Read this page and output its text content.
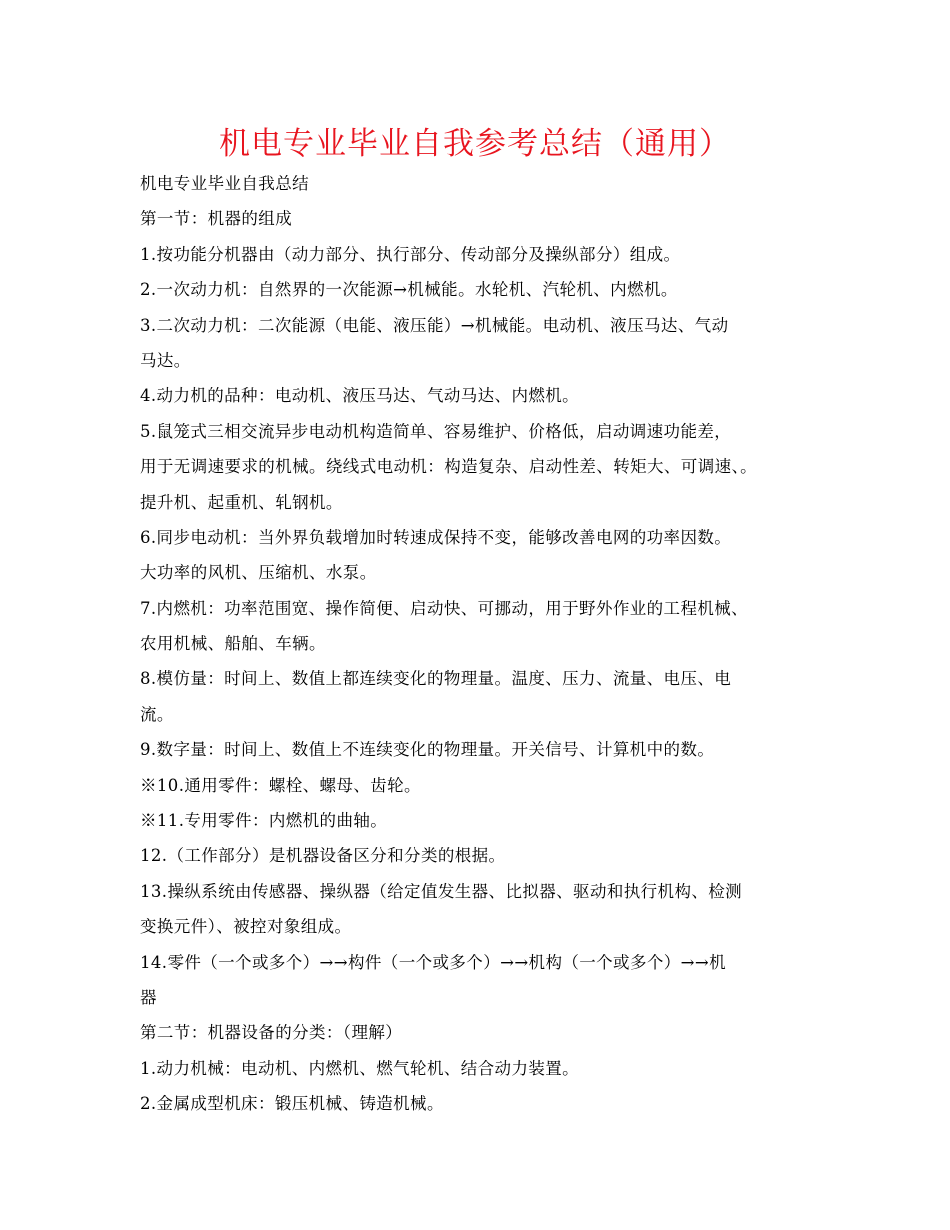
机电专业毕业自我参考总结（通用）
机电专业毕业自我总结
第一节：机器的组成
1.按功能分机器由（动力部分、执行部分、传动部分及操纵部分）组成。
2.一次动力机：自然界的一次能源→机械能。水轮机、汽轮机、内燃机。
3.二次动力机：二次能源（电能、液压能）→机械能。电动机、液压马达、气动
马达。
4.动力机的品种：电动机、液压马达、气动马达、内燃机。
5.鼠笼式三相交流异步电动机构造简单、容易维护、价格低，启动调速功能差，
用于无调速要求的机械。绕线式电动机：构造复杂、启动性差、转矩大、可调速、。
提升机、起重机、轧钢机。
6.同步电动机：当外界负载增加时转速成保持不变，能够改善电网的功率因数。
大功率的风机、压缩机、水泵。
7.内燃机：功率范围宽、操作简便、启动快、可挪动，用于野外作业的工程机械、
农用机械、船舶、车辆。
8.模仿量：时间上、数值上都连续变化的物理量。温度、压力、流量、电压、电
流。
9.数字量：时间上、数值上不连续变化的物理量。开关信号、计算机中的数。
※10.通用零件：螺栓、螺母、齿轮。
※11.专用零件：内燃机的曲轴。
12.（工作部分）是机器设备区分和分类的根据。
13.操纵系统由传感器、操纵器（给定值发生器、比拟器、驱动和执行机构、检测
变换元件）、被控对象组成。
14.零件（一个或多个）→→构件（一个或多个）→→机构（一个或多个）→→机
器
第二节：机器设备的分类：（理解）
1.动力机械：电动机、内燃机、燃气轮机、结合动力装置。
2.金属成型机床：锻压机械、铸造机械。
